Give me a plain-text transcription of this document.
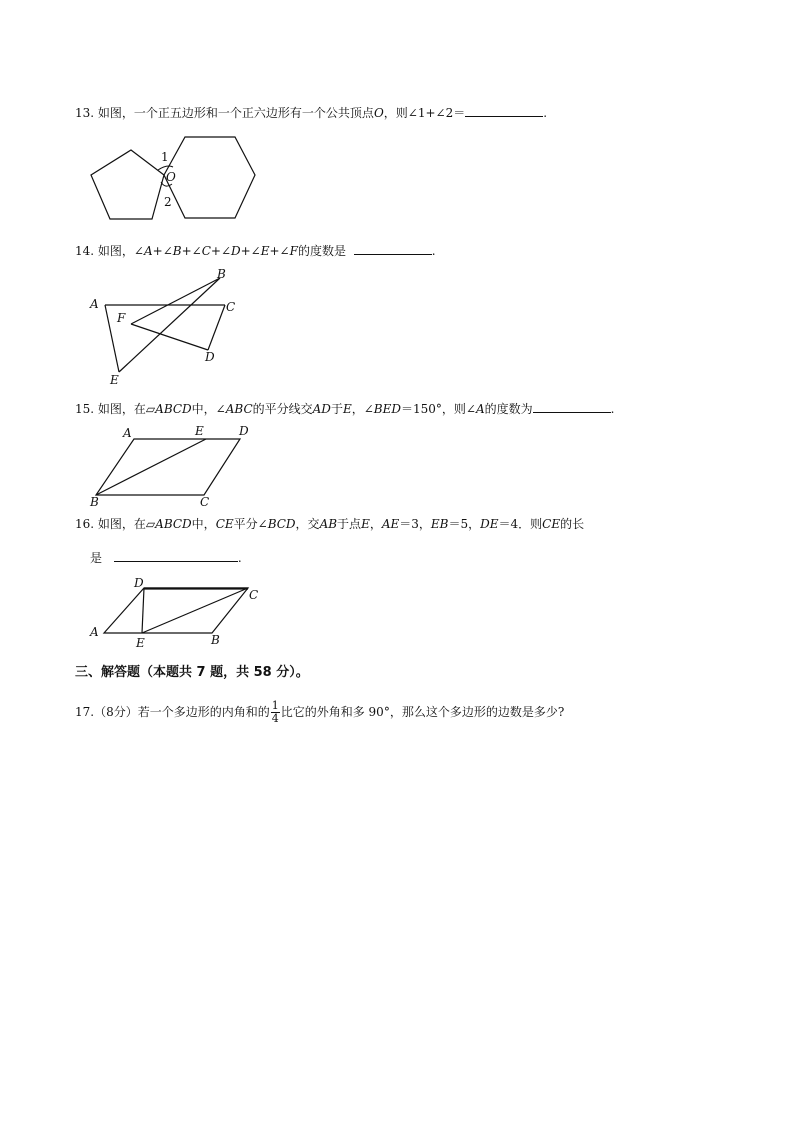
13. 如图，一个正五边形和一个正六边形有一个公共顶点O，则∠1+∠2＝	.
1
O
2
14. 如图，∠A+∠B+∠C+∠D+∠E+∠F的度数是	.
A
B
C
D
E
F
15. 如图，在▱ABCD中，∠ABC的平分线交AD于E，∠BED＝150°，则∠A的度数为	.
A	E	D
B	C
16. 如图，在▱ABCD中，CE平分∠BCD，交AB于点E，AE＝3，EB＝5，DE＝4．则CE的长
是	.
A
D
C
E	B
三、解答题（本题共 7 题，共 58 分）。
17.（8分）若一个多边形的内角和的 $\frac{1}{4}$ 比它的外角和多 90°，那么这个多边形的边数是多少?
